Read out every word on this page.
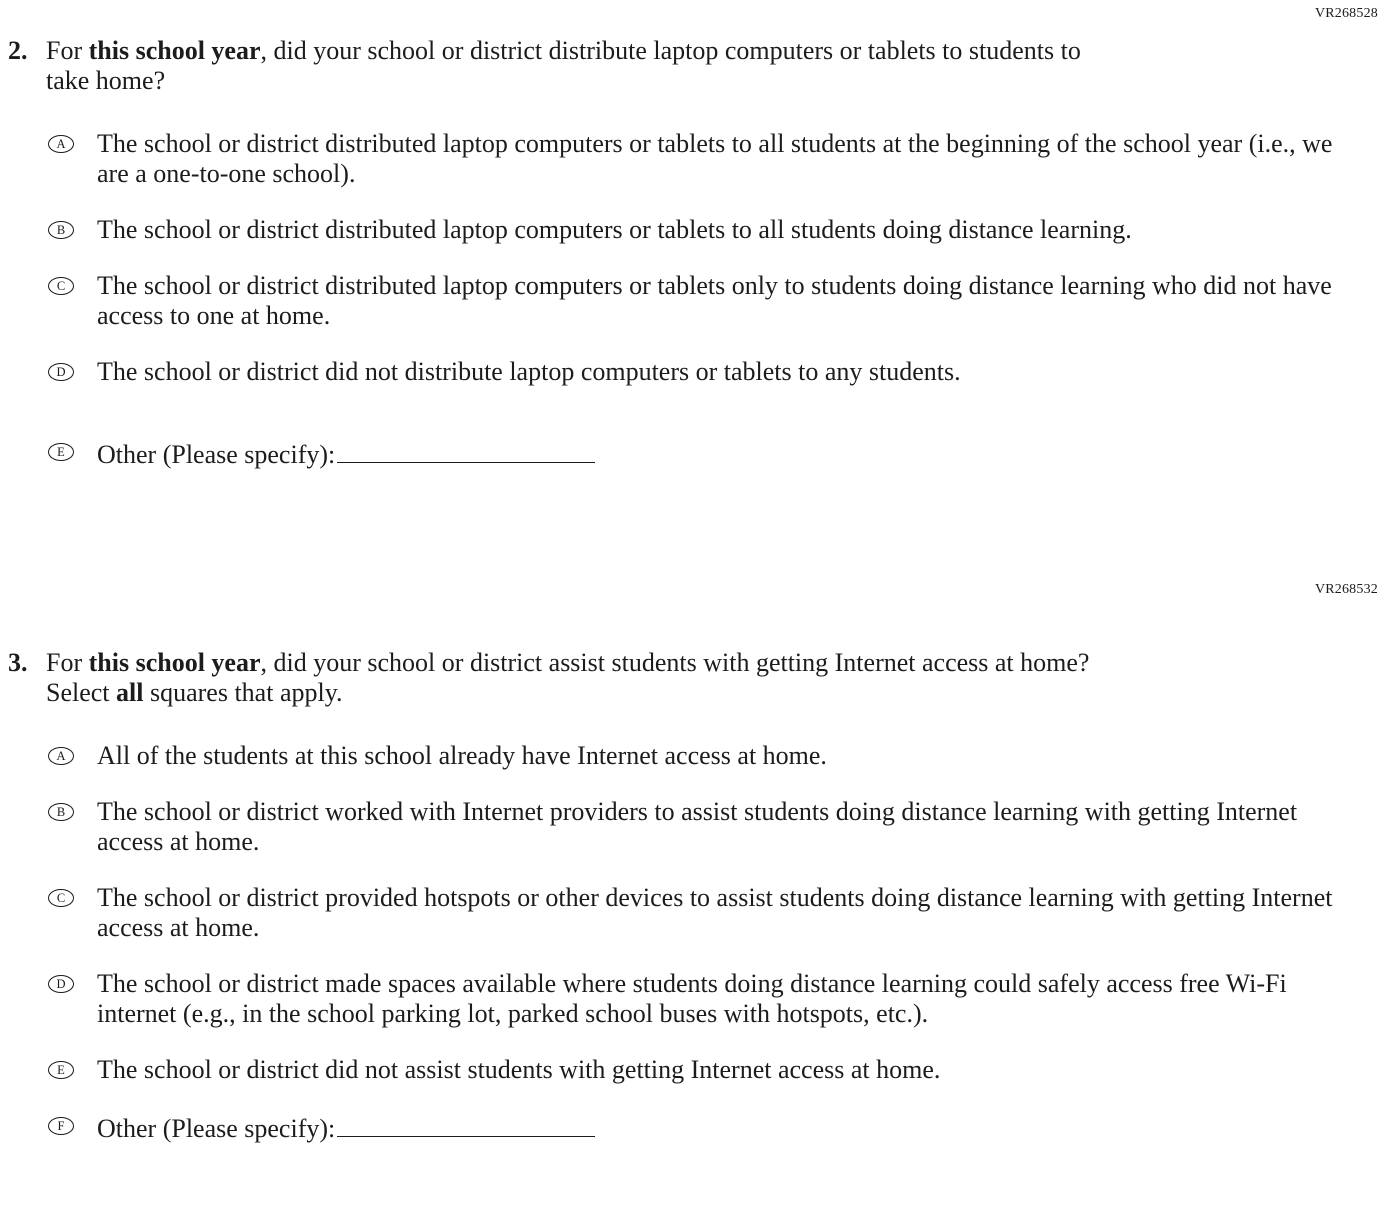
VR268528
2. For this school year, did your school or district distribute laptop computers or tablets to students to take home?
A	The school or district distributed laptop computers or tablets to all students at the beginning of the school year (i.e., we are a one-to-one school).
B	The school or district distributed laptop computers or tablets to all students doing distance learning.
C	The school or district distributed laptop computers or tablets only to students doing distance learning who did not have access to one at home.
D	The school or district did not distribute laptop computers or tablets to any students.
E	Other (Please specify):
VR268532
3. For this school year, did your school or district assist students with getting Internet access at home? Select all squares that apply.
A	All of the students at this school already have Internet access at home.
B	The school or district worked with Internet providers to assist students doing distance learning with getting Internet access at home.
C	The school or district provided hotspots or other devices to assist students doing distance learning with getting Internet access at home.
D	The school or district made spaces available where students doing distance learning could safely access free Wi-Fi internet (e.g., in the school parking lot, parked school buses with hotspots, etc.).
E	The school or district did not assist students with getting Internet access at home.
F	Other (Please specify):
